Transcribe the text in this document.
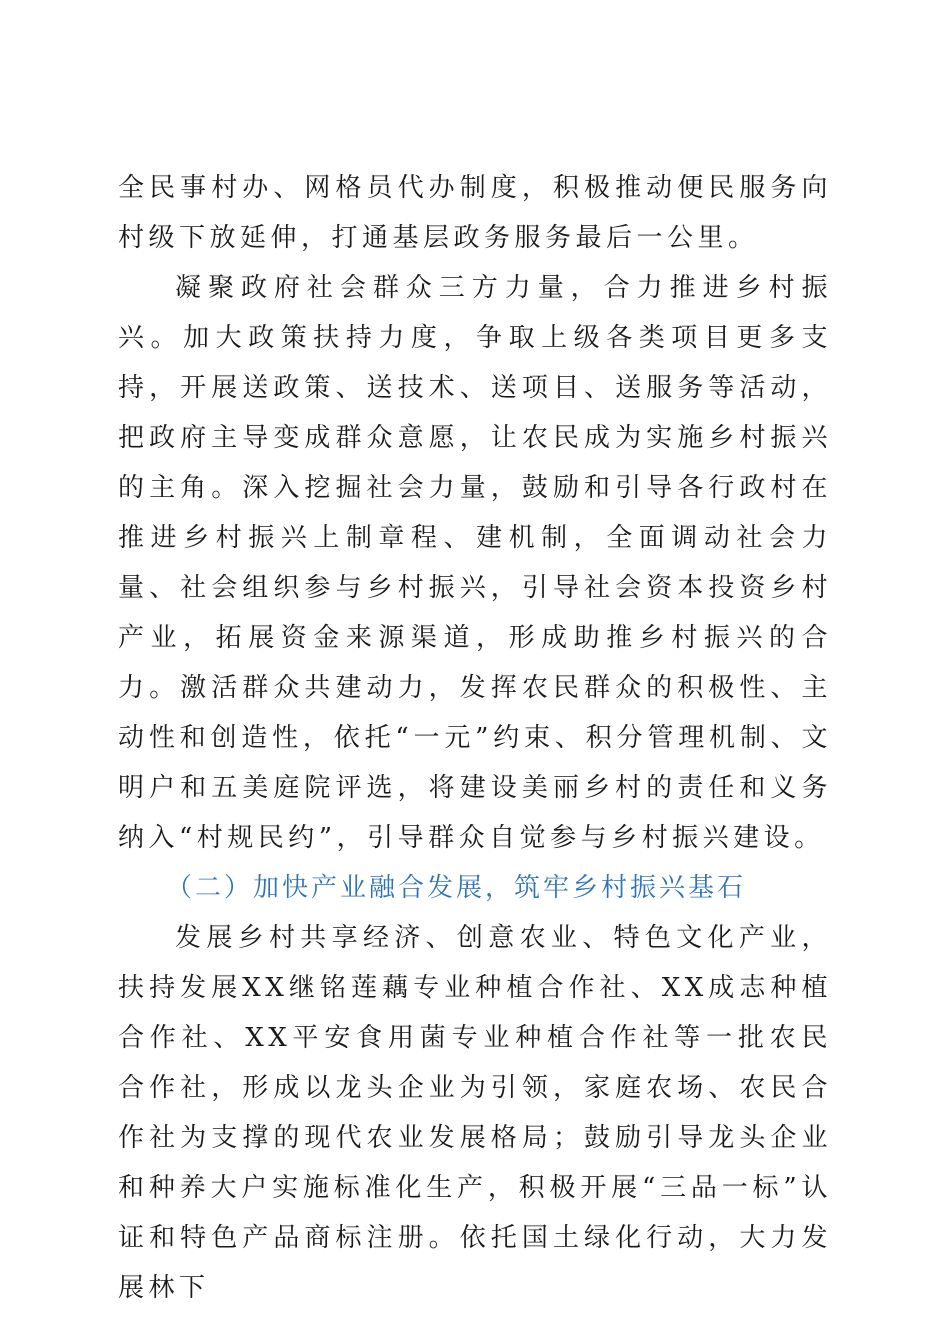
全民事村办、网格员代办制度，积极推动便民服务向村级下放延伸，打通基层政务服务最后一公里。

凝聚政府社会群众三方力量，合力推进乡村振兴。加大政策扶持力度，争取上级各类项目更多支持，开展送政策、送技术、送项目、送服务等活动，把政府主导变成群众意愿，让农民成为实施乡村振兴的主角。深入挖掘社会力量，鼓励和引导各行政村在推进乡村振兴上制章程、建机制，全面调动社会力量、社会组织参与乡村振兴，引导社会资本投资乡村产业，拓展资金来源渠道，形成助推乡村振兴的合力。激活群众共建动力，发挥农民群众的积极性、主动性和创造性，依托“一元”约束、积分管理机制、文明户和五美庭院评选，将建设美丽乡村的责任和义务纳入“村规民约”，引导群众自觉参与乡村振兴建设。

（二）加快产业融合发展，筑牢乡村振兴基石

发展乡村共享经济、创意农业、特色文化产业，扶持发展XX继铭莲藕专业种植合作社、XX成志种植合作社、XX平安食用菌专业种植合作社等一批农民合作社，形成以龙头企业为引领，家庭农场、农民合作社为支撑的现代农业发展格局；鼓励引导龙头企业和种养大户实施标准化生产，积极开展“三品一标”认证和特色产品商标注册。依托国土绿化行动，大力发展林下
